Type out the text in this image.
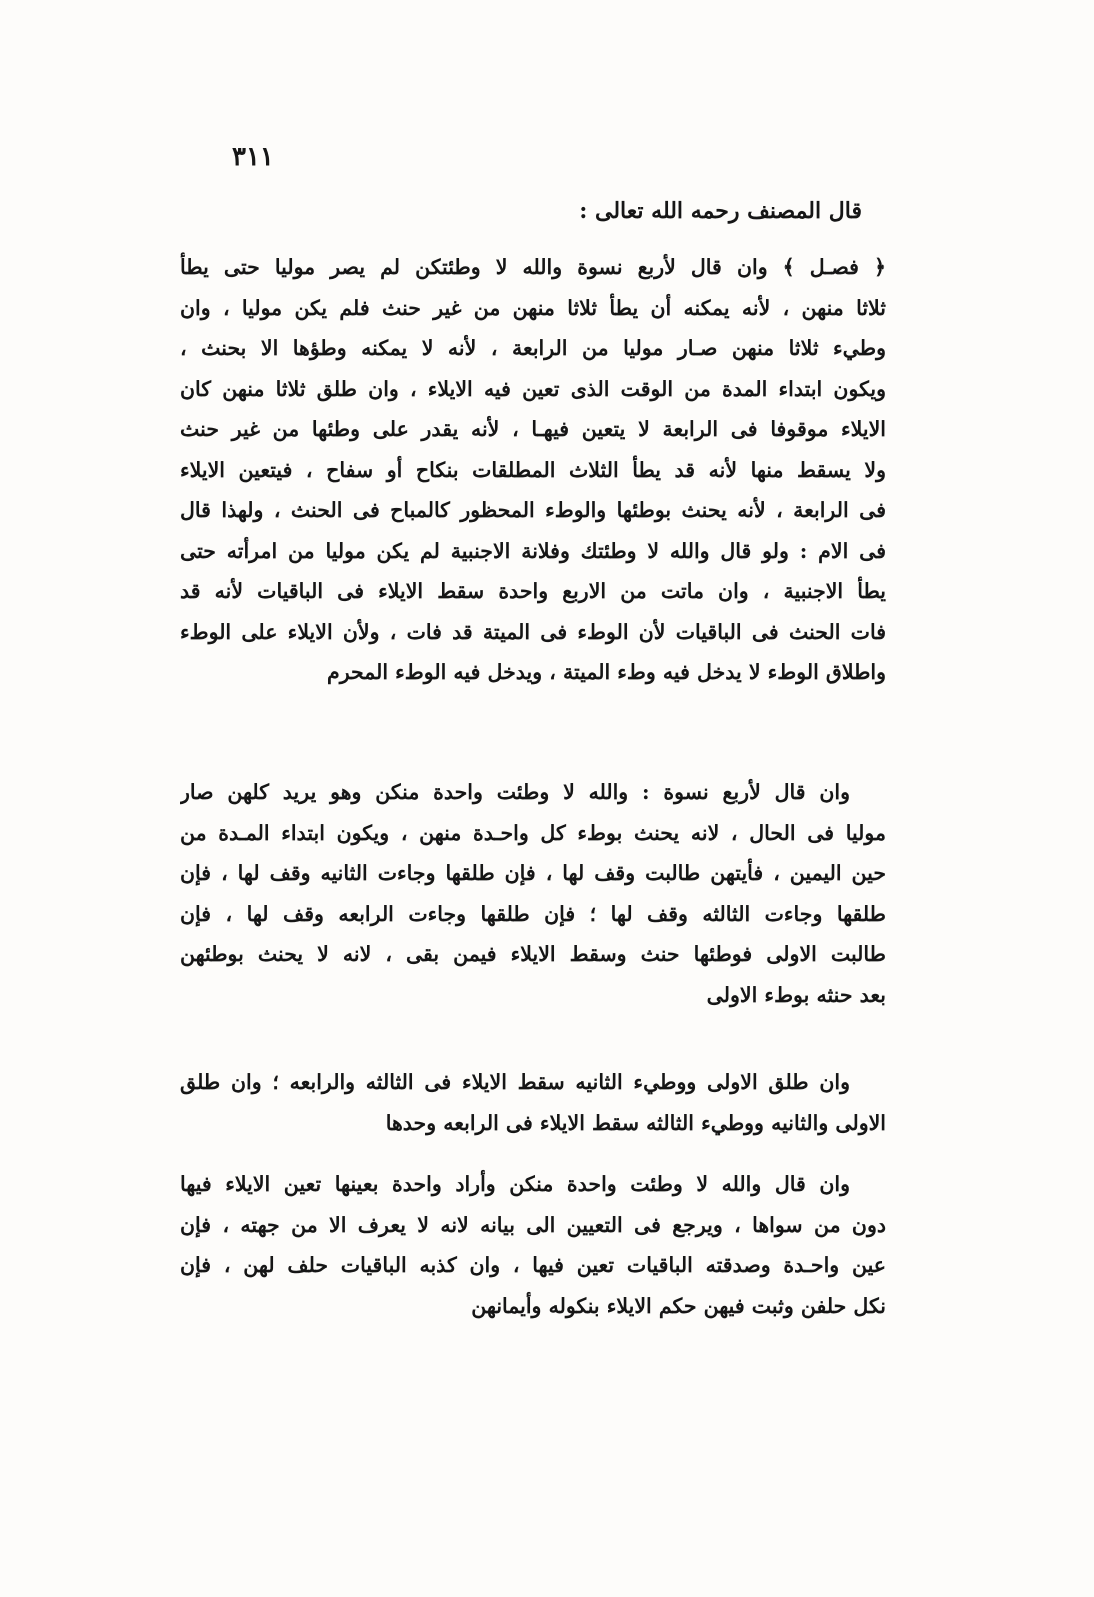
٣١١
قال المصنف رحمه الله تعالى :
﴿ فصـل ﴾ وان قال لأربع نسوة والله لا وطئتكن لم يصر موليا حتى يطأ
ثلاثا منهن ، لأنه يمكنه أن يطأ ثلاثا منهن من غير حنث فلم يكن موليا ، وان
وطيء ثلاثا منهن صـار موليا من الرابعة ، لأنه لا يمكنه وطؤها الا بحنث ،
ويكون ابتداء المدة من الوقت الذى تعين فيه الايلاء ، وان طلق ثلاثا منهن كان
الايلاء موقوفا فى الرابعة لا يتعين فيهـا ، لأنه يقدر على وطئها من غير حنث
ولا يسقط منها لأنه قد يطأ الثلاث المطلقات بنكاح أو سفاح ، فيتعين الايلاء
فى الرابعة ، لأنه يحنث بوطئها والوطء المحظور كالمباح فى الحنث ، ولهذا قال
فى الام : ولو قال والله لا وطئتك وفلانة الاجنبية لم يكن موليا من امرأته حتى
يطأ الاجنبية ، وان ماتت من الاربع واحدة سقط الايلاء فى الباقيات لأنه قد
فات الحنث فى الباقيات لأن الوطء فى الميتة قد فات ، ولأن الايلاء على الوطء
واطلاق الوطء لا يدخل فيه وطء الميتة ، ويدخل فيه الوطء المحرم
وان قال لأربع نسوة : والله لا وطئت واحدة منكن وهو يريد كلهن صار
موليا فى الحال ، لانه يحنث بوطء كل واحـدة منهن ، ويكون ابتداء المـدة من
حين اليمين ، فأيتهن طالبت وقف لها ، فإن طلقها وجاءت الثانيه وقف لها ، فإن
طلقها وجاءت الثالثه وقف لها ؛ فإن طلقها وجاءت الرابعه وقف لها ، فإن
طالبت الاولى فوطئها حنث وسقط الايلاء فيمن بقى ، لانه لا يحنث بوطئهن
بعد حنثه بوطء الاولى
وان طلق الاولى ووطيء الثانيه سقط الايلاء فى الثالثه والرابعه ؛ وان طلق
الاولى والثانيه ووطيء الثالثه سقط الايلاء فى الرابعه وحدها
وان قال والله لا وطئت واحدة منكن وأراد واحدة بعينها تعين الايلاء فيها
دون من سواها ، ويرجع فى التعيين الى بيانه لانه لا يعرف الا من جهته ، فإن
عين واحـدة وصدقته الباقيات تعين فيها ، وان كذبه الباقيات حلف لهن ، فإن
نكل حلفن وثبت فيهن حكم الايلاء بنكوله وأيمانهن
